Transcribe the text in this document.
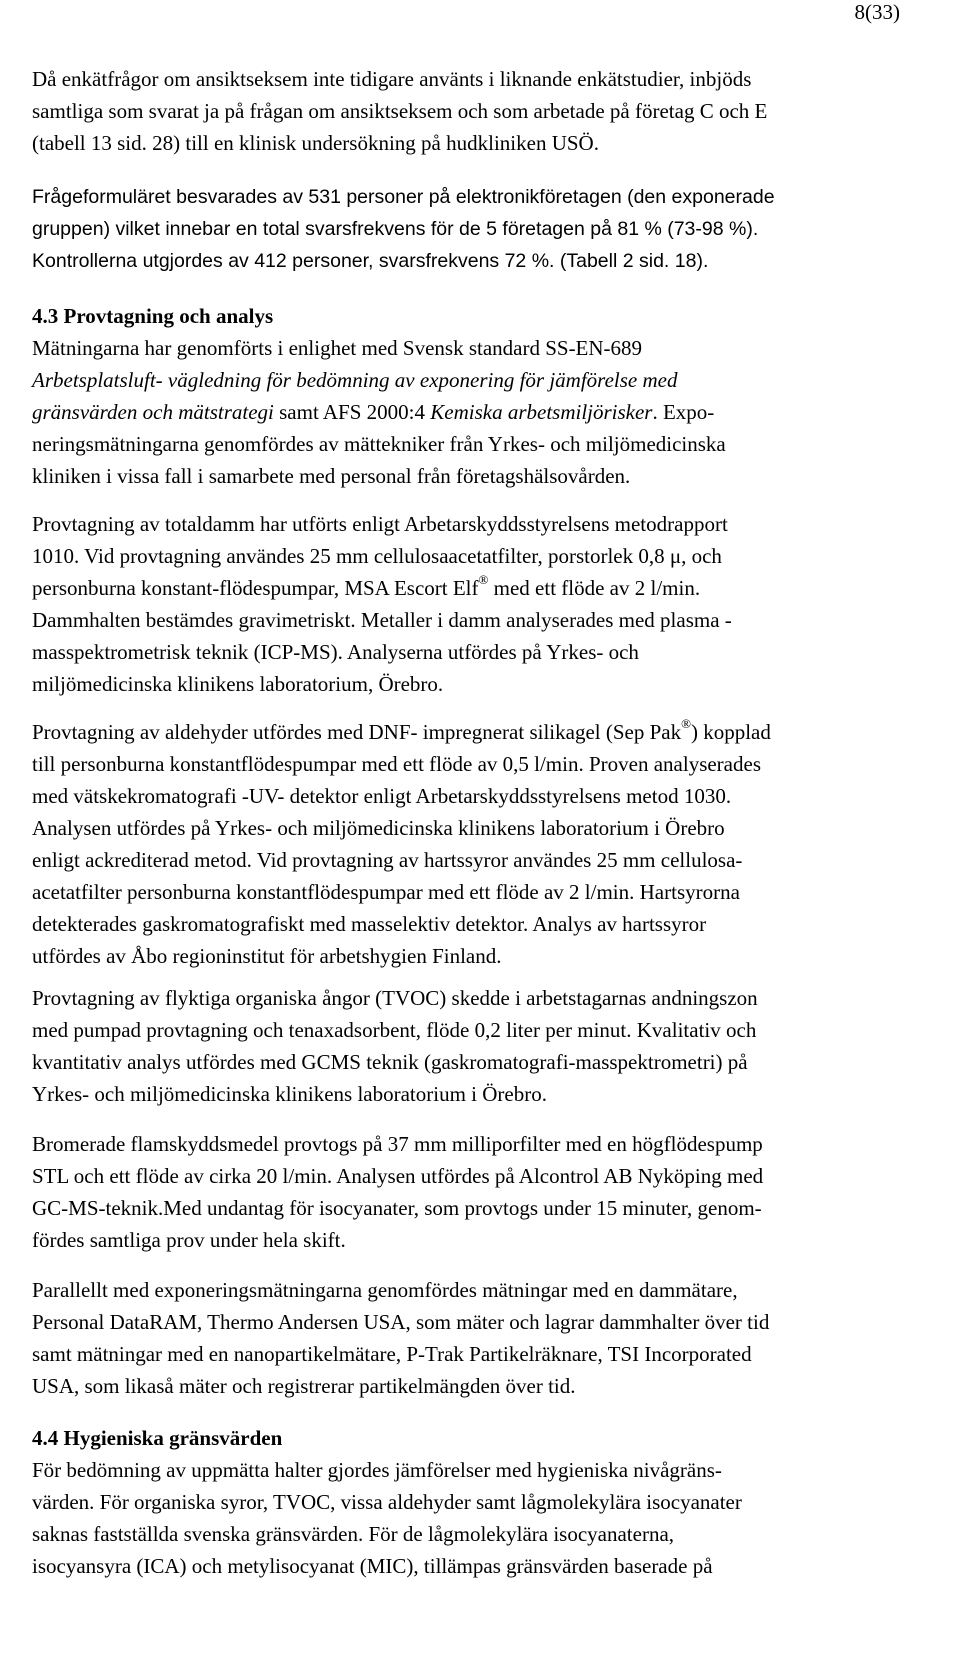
8(33)
Då enkätfrågor om ansiktseksem inte tidigare använts i liknande enkätstudier, inbjöds
samtliga som svarat ja på frågan om ansiktseksem och som arbetade på företag C och E
(tabell 13 sid. 28) till en klinisk undersökning på hudkliniken USÖ.
Frågeformuläret besvarades av 531 personer på elektronikföretagen (den exponerade
gruppen) vilket innebar en total svarsfrekvens för de 5 företagen på 81 % (73-98 %).
Kontrollerna utgjordes av 412 personer, svarsfrekvens 72 %. (Tabell 2 sid. 18).
4.3 Provtagning och analys
Mätningarna har genomförts i enlighet med Svensk standard SS-EN-689
Arbetsplatsluft- vägledning för bedömning av exponering för jämförelse med
gränsvärden och mätstrategi samt AFS 2000:4 Kemiska arbetsmiljörisker. Expo-
neringsmätningarna genomfördes av mättekniker från Yrkes- och miljömedicinska
kliniken i vissa fall i samarbete med personal från företagshälsovården.
Provtagning av totaldamm har utförts enligt Arbetarskyddsstyrelsens metodrapport
1010. Vid provtagning användes 25 mm cellulosaacetatfilter, porstorlek 0,8 μ, och
personburna konstant-flödespumpar, MSA Escort Elf® med ett flöde av 2 l/min.
Dammhalten bestämdes gravimetriskt. Metaller i damm analyserades med plasma -
masspektrometrisk teknik (ICP-MS). Analyserna utfördes på Yrkes- och
miljömedicinska klinikens laboratorium, Örebro.
Provtagning av aldehyder utfördes med DNF- impregnerat silikagel (Sep Pak®) kopplad
till personburna konstantflödespumpar med ett flöde av 0,5 l/min. Proven analyserades
med vätskekromatografi -UV- detektor enligt Arbetarskyddsstyrelsens metod 1030.
Analysen utfördes på Yrkes- och miljömedicinska klinikens laboratorium i Örebro
enligt ackrediterad metod. Vid provtagning av hartssyror användes 25 mm cellulosa-
acetatfilter personburna konstantflödespumpar med ett flöde av 2 l/min. Hartsyrorna
detekterades gaskromatografiskt med masselektiv detektor. Analys av hartssyror
utfördes av Åbo regioninstitut för arbetshygien Finland.
Provtagning av flyktiga organiska ångor (TVOC) skedde i arbetstagarnas andningszon
med pumpad provtagning och tenaxadsorbent, flöde 0,2 liter per minut. Kvalitativ och
kvantitativ analys utfördes med GCMS teknik (gaskromatografi-masspektrometri) på
Yrkes- och miljömedicinska klinikens laboratorium i Örebro.
Bromerade flamskyddsmedel provtogs på 37 mm milliporfilter med en högflödespump
STL och ett flöde av cirka 20 l/min. Analysen utfördes på Alcontrol AB Nyköping med
GC-MS-teknik.Med undantag för isocyanater, som provtogs under 15 minuter, genom-
fördes samtliga prov under hela skift.
Parallellt med exponeringsmätningarna genomfördes mätningar med en dammätare,
Personal DataRAM, Thermo Andersen USA, som mäter och lagrar dammhalter över tid
samt mätningar med en nanopartikelmätare, P-Trak Partikelräknare, TSI Incorporated
USA, som likaså mäter och registrerar partikelmängden över tid.
4.4 Hygieniska gränsvärden
För bedömning av uppmätta halter gjordes jämförelser med hygieniska nivågräns-
värden. För organiska syror, TVOC, vissa aldehyder samt lågmolekylära isocyanater
saknas fastställda svenska gränsvärden. För de lågmolekylära isocyanaterna,
isocyansyra (ICA) och metylisocyanat (MIC), tillämpas gränsvärden baserade på
